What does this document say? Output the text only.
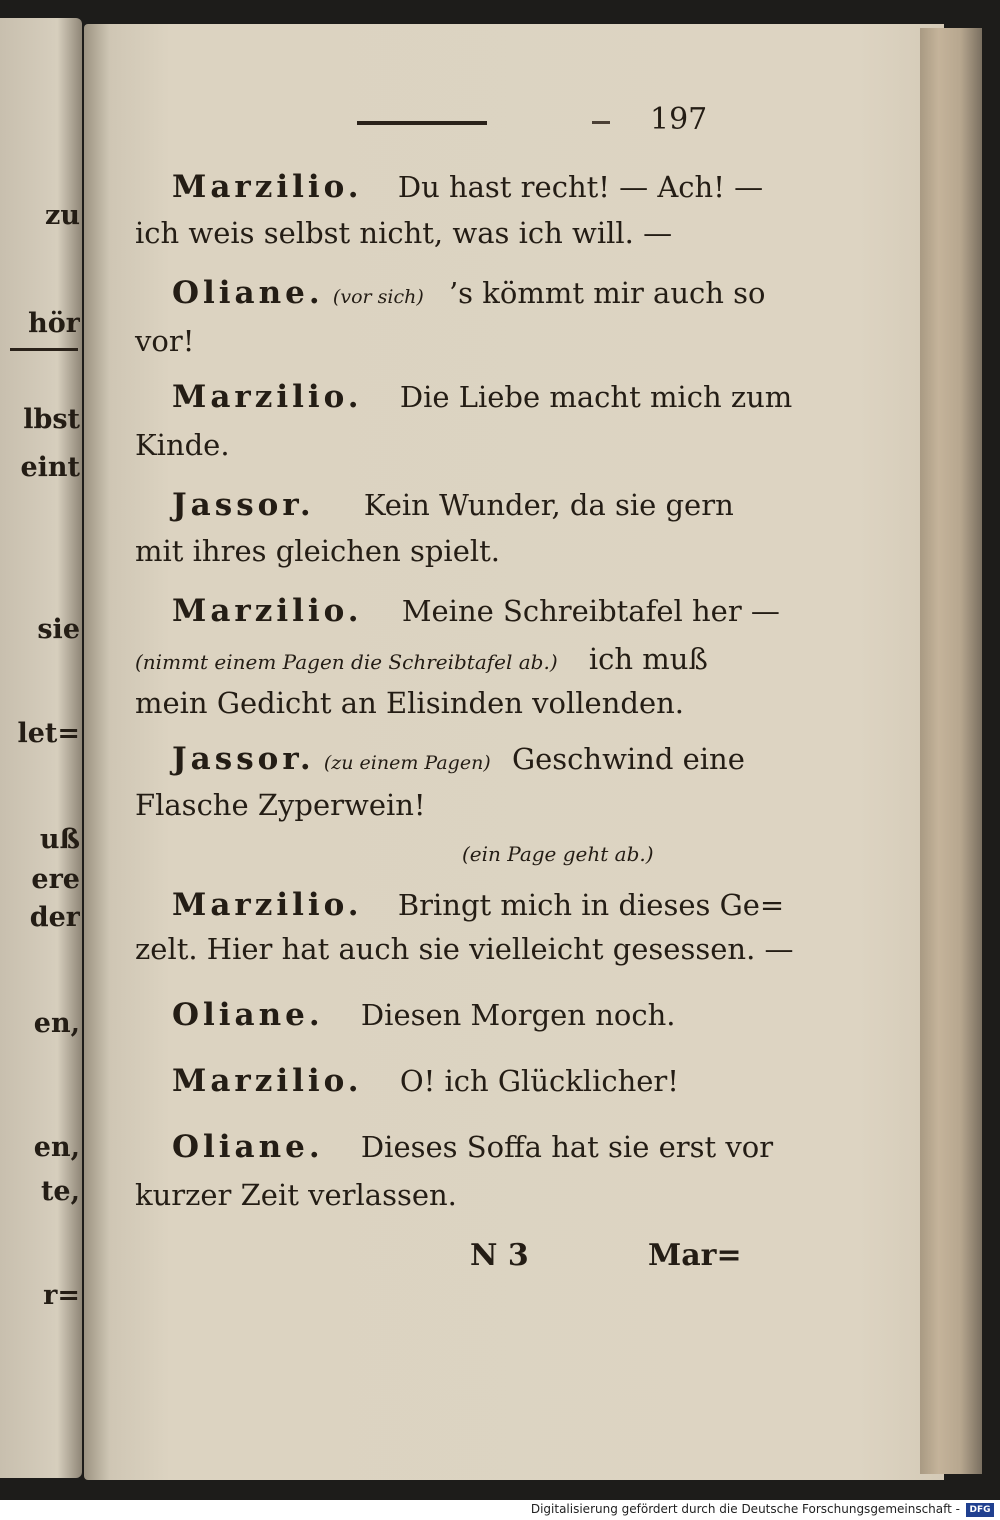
zu
hör
lbst
eint
sie
let=
uß
ere
der
en,
en,
te,
r=
197
Marzilio. Du hast recht! — Ach! —
ich weis selbst nicht, was ich will. —
Oliane. (vor sich) ’s kömmt mir auch so
vor!
Marzilio. Die Liebe macht mich zum
Kinde.
Jassor. Kein Wunder, da sie gern
mit ihres gleichen spielt.
Marzilio. Meine Schreibtafel her —
(nimmt einem Pagen die Schreibtafel ab.) ich muß
mein Gedicht an Elisinden vollenden.
Jassor. (zu einem Pagen) Geschwind eine
Flasche Zyperwein!
(ein Page geht ab.)
Marzilio. Bringt mich in dieses Ge=
zelt. Hier hat auch sie vielleicht gesessen. —
Oliane. Diesen Morgen noch.
Marzilio. O! ich Glücklicher!
Oliane. Dieses Soffa hat sie erst vor
kurzer Zeit verlassen.
N 3	Mar=
Digitalisierung gefördert durch die Deutsche Forschungsgemeinschaft -	DFG
